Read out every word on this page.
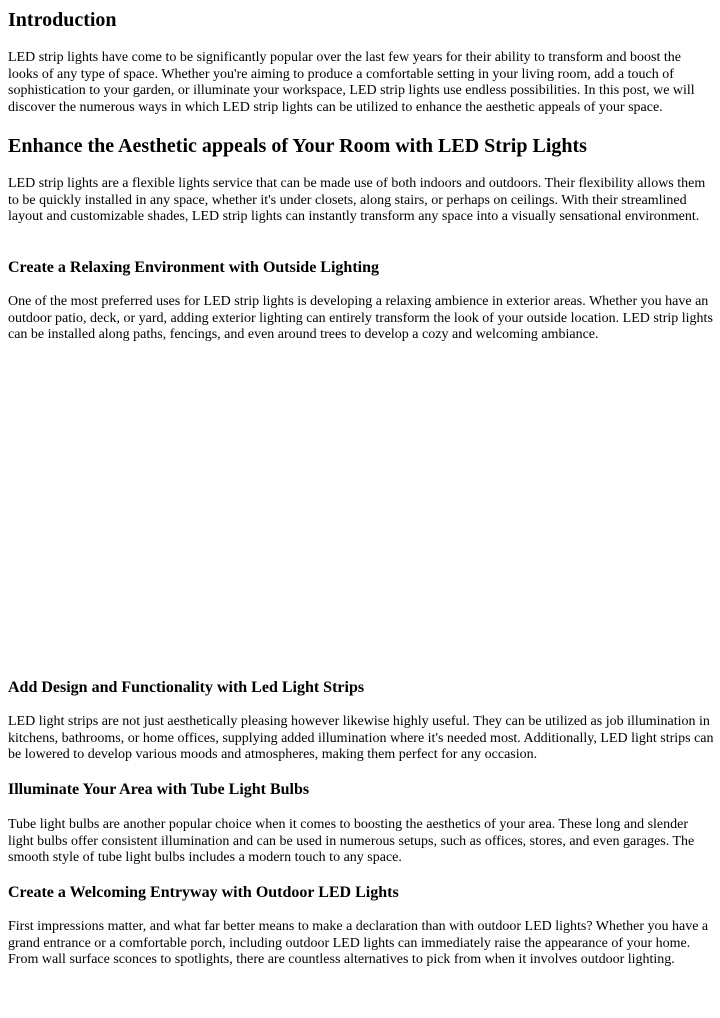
Introduction

LED strip lights have come to be significantly popular over the last few years for their ability to transform and boost the looks of any type of space. Whether you're aiming to produce a comfortable setting in your living room, add a touch of sophistication to your garden, or illuminate your workspace, LED strip lights use endless possibilities. In this post, we will discover the numerous ways in which LED strip lights can be utilized to enhance the aesthetic appeals of your space.

Enhance the Aesthetic appeals of Your Room with LED Strip Lights

LED strip lights are a flexible lights service that can be made use of both indoors and outdoors. Their flexibility allows them to be quickly installed in any space, whether it's under closets, along stairs, or perhaps on ceilings. With their streamlined layout and customizable shades, LED strip lights can instantly transform any space into a visually sensational environment.

Create a Relaxing Environment with Outside Lighting

One of the most preferred uses for LED strip lights is developing a relaxing ambience in exterior areas. Whether you have an outdoor patio, deck, or yard, adding exterior lighting can entirely transform the look of your outside location. LED strip lights can be installed along paths, fencings, and even around trees to develop a cozy and welcoming ambiance.

Add Design and Functionality with Led Light Strips

LED light strips are not just aesthetically pleasing however likewise highly useful. They can be utilized as job illumination in kitchens, bathrooms, or home offices, supplying added illumination where it's needed most. Additionally, LED light strips can be lowered to develop various moods and atmospheres, making them perfect for any occasion.

Illuminate Your Area with Tube Light Bulbs

Tube light bulbs are another popular choice when it comes to boosting the aesthetics of your area. These long and slender light bulbs offer consistent illumination and can be used in numerous setups, such as offices, stores, and even garages. The smooth style of tube light bulbs includes a modern touch to any space.

Create a Welcoming Entryway with Outdoor LED Lights

First impressions matter, and what far better means to make a declaration than with outdoor LED lights? Whether you have a grand entrance or a comfortable porch, including outdoor LED lights can immediately raise the appearance of your home. From wall surface sconces to spotlights, there are countless alternatives to pick from when it involves outdoor lighting.
